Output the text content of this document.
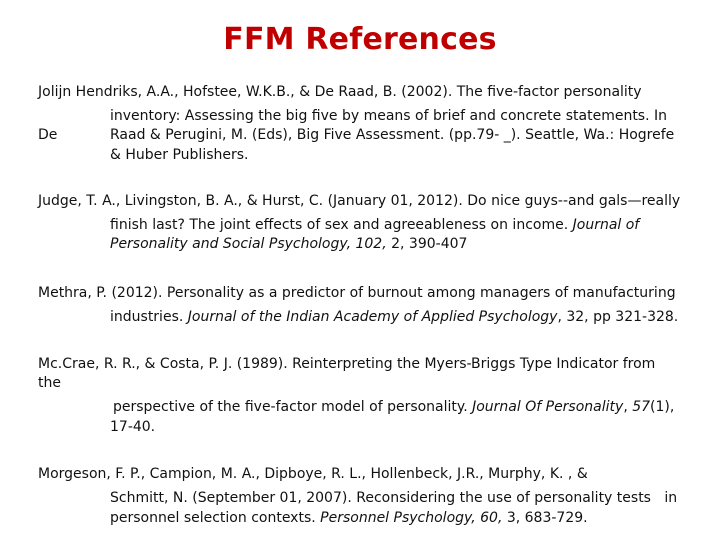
FFM References
Jolijn Hendriks, A.A., Hofstee, W.K.B., & De Raad, B. (2002). The five-factor personality
inventory: Assessing the big five by means of brief and concrete statements. In
De	Raad & Perugini, M. (Eds), Big Five Assessment. (pp.79- _). Seattle, Wa.: Hogrefe
& Huber Publishers.
Judge, T. A., Livingston, B. A., & Hurst, C. (January 01, 2012). Do nice guys--and gals—really
finish last? The joint effects of sex and agreeableness on income. Journal of
Personality and Social Psychology, 102, 2, 390-407
Methra, P. (2012). Personality as a predictor of burnout among managers of manufacturing
industries. Journal of the Indian Academy of Applied Psychology, 32, pp 321-328.
Mc.Crae, R. R., & Costa, P. J. (1989). Reinterpreting the Myers-Briggs Type Indicator from
the
perspective of the five-factor model of personality. Journal Of Personality, 57(1),
17-40.
Morgeson, F. P., Campion, M. A., Dipboye, R. L., Hollenbeck, J.R., Murphy, K. , &
Schmitt, N. (September 01, 2007). Reconsidering the use of personality tests   in
personnel selection contexts. Personnel Psychology, 60, 3, 683-729.
